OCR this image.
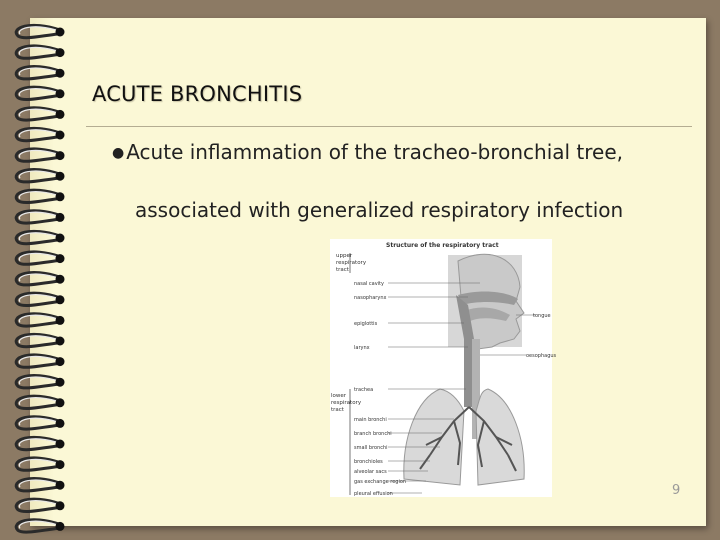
ACUTE BRONCHITIS
● Acute inflammation of the tracheo-bronchial tree,
associated with generalized respiratory infection
Structure of the respiratory tract
upper
respiratory
tract
lower
respiratory
tract
nasal cavity
nasopharynx
epiglottis
larynx
trachea
main bronchi
branch bronchi
small bronchi
bronchioles
alveolar sacs
gas exchange region
pleural effusion
tongue
oesophagus
9
